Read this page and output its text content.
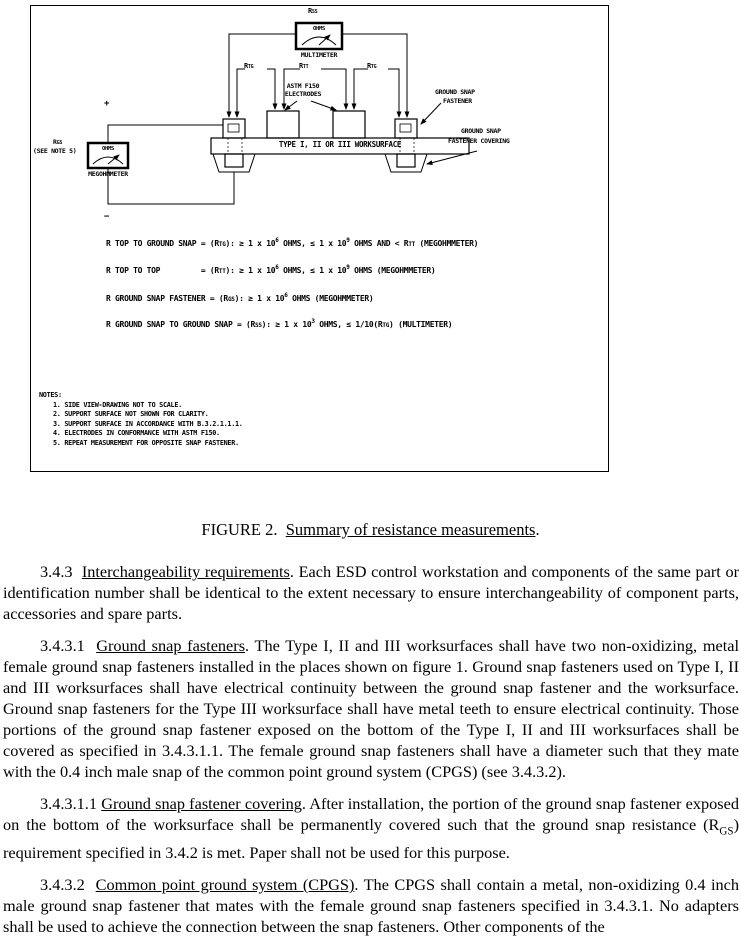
RSS
OHMS
MULTIMETER
RTG	RTT	RTG
ASTM F150
ELECTRODES
TYPE I, II OR III WORKSURFACE
+
−
RGS
(SEE NOTE 5)	OHMS
MEGOHMMETER
GROUND SNAP
FASTENER
GROUND SNAP
FASTENER COVERING
R TOP TO GROUND SNAP = (RTG): ≥ 1 x $10^6$ OHMS, ≤ 1 x $10^9$ OHMS AND < RTT (MEGOHMMETER)
R TOP TO TOP         = (RTT): ≥ 1 x $10^6$ OHMS, ≤ 1 x $10^9$ OHMS (MEGOHMMETER)
R GROUND SNAP FASTENER = (RGS): ≥ 1 x $10^6$ OHMS (MEGOHMMETER)
R GROUND SNAP TO GROUND SNAP = (RSS): ≥ 1 x $10^3$ OHMS, ≤ 1/10(RTG) (MULTIMETER)
NOTES:
1. SIDE VIEW-DRAWING NOT TO SCALE.
2. SUPPORT SURFACE NOT SHOWN FOR CLARITY.
3. SUPPORT SURFACE IN ACCORDANCE WITH B.3.2.1.1.1.
4. ELECTRODES IN CONFORMANCE WITH ASTM F150.
5. REPEAT MEASUREMENT FOR OPPOSITE SNAP FASTENER.
FIGURE 2.  Summary of resistance measurements.

3.4.3  Interchangeability requirements. Each ESD control workstation and components of the same part or identification number shall be identical to the extent necessary to ensure interchangeability of component parts, accessories and spare parts.

3.4.3.1  Ground snap fasteners. The Type I, II and III worksurfaces shall have two non-oxidizing, metal female ground snap fasteners installed in the places shown on figure 1. Ground snap fasteners used on Type I, II and III worksurfaces shall have electrical continuity between the ground snap fastener and the worksurface. Ground snap fasteners for the Type III worksurface shall have metal teeth to ensure electrical continuity. Those portions of the ground snap fastener exposed on the bottom of the Type I, II and III worksurfaces shall be covered as specified in 3.4.3.1.1. The female ground snap fasteners shall have a diameter such that they mate with the 0.4 inch male snap of the common point ground system (CPGS) (see 3.4.3.2).

3.4.3.1.1 Ground snap fastener covering. After installation, the portion of the ground snap fastener exposed on the bottom of the worksurface shall be permanently covered such that the ground snap resistance $(R_{GS})$ requirement specified in 3.4.2 is met. Paper shall not be used for this purpose.

3.4.3.2  Common point ground system (CPGS). The CPGS shall contain a metal, non-oxidizing 0.4 inch male ground snap fastener that mates with the female ground snap fasteners specified in 3.4.3.1. No adapters shall be used to achieve the connection between the snap fasteners. Other components of the
